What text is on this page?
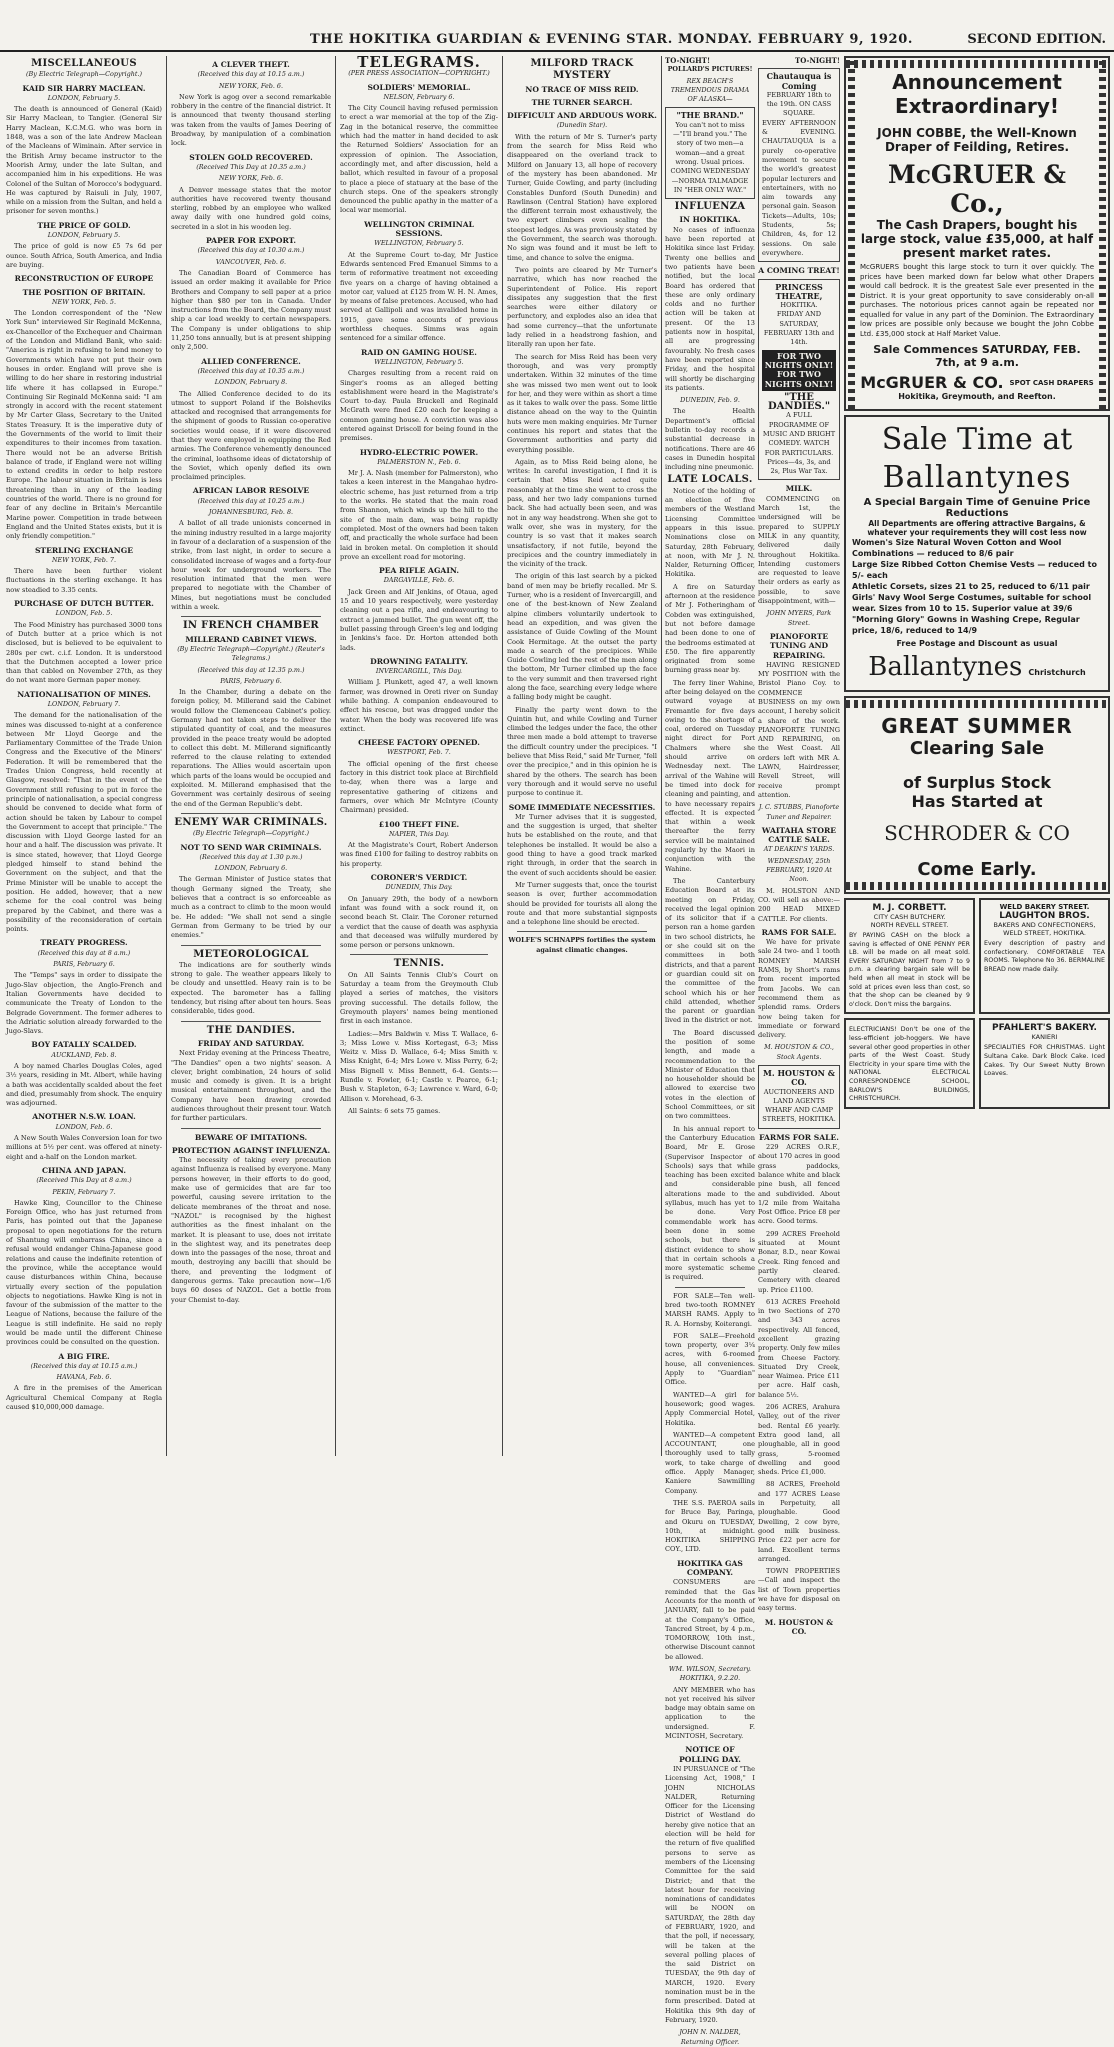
THE HOKITIKA GUARDIAN & EVENING STAR. MONDAY. FEBRUARY 9, 1920.	SECOND EDITION.
MISCELLANEOUS
(By Electric Telegraph—Copyright.)
KAID SIR HARRY MACLEAN.
LONDON, February 5.

The death is announced of General (Kaid) Sir Harry Maclean, to Tangier. (General Sir Harry Maclean, K.C.M.G. who was born in 1848, was a son of the late Andrew Maclean of the Macleans of Wiminain. After service in the British Army became instructor to the Moorish Army, under the late Sultan, and accompanied him in his expeditions. He was Colonel of the Sultan of Morocco's bodyguard. He was captured by Raisuli in July, 1907, while on a mission from the Sultan, and held a prisoner for seven months.)

THE PRICE OF GOLD.
LONDON, February 5.

The price of gold is now £5 7s 6d per ounce. South Africa, South America, and India are buying.

RECONSTRUCTION OF EUROPE
THE POSITION OF BRITAIN.
NEW YORK, Feb. 5.

The London correspondent of the "New York Sun" interviewed Sir Reginald McKenna, ex-Chancellor of the Exchequer and Chairman of the London and Midland Bank, who said: "America is right in refusing to lend money to Governments which have not put their own houses in order. England will prove she is willing to do her share in restoring industrial life where it has collapsed in Europe." Continuing Sir Reginald McKenna said: "I am strongly in accord with the recent statement by Mr Carter Glass, Secretary to the United States Treasury. It is the imperative duty of the Governments of the world to limit their expenditures to their incomes from taxation. There would not be an adverse British balance of trade, if England were not willing to extend credits in order to help restore Europe. The labour situation in Britain is less threatening than in any of the leading countries of the world. There is no ground for fear of any decline in Britain's Mercantile Marine power. Competition in trade between England and the United States exists, but it is only friendly competition."

STERLING EXCHANGE
NEW YORK, Feb. 7.

There have been further violent fluctuations in the sterling exchange. It has now steadied to 3.35 cents.

PURCHASE OF DUTCH BUTTER.
LONDON, Feb. 5.

The Food Ministry has purchased 3000 tons of Dutch butter at a price which is not disclosed, but is believed to be equivalent to 280s per cwt. c.i.f. London. It is understood that the Dutchmen accepted a lower price than that cabled on November 27th, as they do not want more German paper money.

NATIONALISATION OF MINES.
LONDON, February 7.

The demand for the nationalisation of the mines was discussed to-night at a conference between Mr Lloyd George and the Parliamentary Committee of the Trade Union Congress and the Executive of the Miners' Federation. It will be remembered that the Trades Union Congress, held recently at Glasgow, resolved: "That in the event of the Government still refusing to put in force the principle of nationalisation, a special congress should be convened to decide what form of action should be taken by Labour to compel the Government to accept that principle." The discussion with Lloyd George lasted for an hour and a half. The discussion was private. It is since stated, however, that Lloyd George pledged himself to stand behind the Government on the subject, and that the Prime Minister will be unable to accept the position. He added, however, that a new scheme for the coal control was being prepared by the Cabinet, and there was a possibility of the reconsideration of certain points.

TREATY PROGRESS.
(Received this day at 8 a.m.)
PARIS, February 6.

The "Temps" says in order to dissipate the Jugo-Slav objection, the Anglo-French and Italian Governments have decided to communicate the Treaty of London to the Belgrade Government. The former adheres to the Adriatic solution already forwarded to the Jugo-Slavs.

BOY FATALLY SCALDED.
AUCKLAND, Feb. 8.

A boy named Charles Douglas Coles, aged 3½ years, residing in Mt. Albert, while having a bath was accidentally scalded about the feet and died, presumably from shock. The enquiry was adjourned.

ANOTHER N.S.W. LOAN.
LONDON, Feb. 6.

A New South Wales Conversion loan for two millions at 5½ per cent. was offered at ninety-eight and a-half on the London market.

CHINA AND JAPAN.
(Received This Day at 8 a.m.)
PEKIN, February 7.

Hawke King, Councillor to the Chinese Foreign Office, who has just returned from Paris, has pointed out that the Japanese proposal to open negotiations for the return of Shantung will embarrass China, since a refusal would endanger China-Japanese good relations and cause the indefinite retention of the province, while the acceptance would cause disturbances within China, because virtually every section of the population objects to negotiations. Hawke King is not in favour of the submission of the matter to the League of Nations, because the failure of the League is still indefinite. He said no reply would be made until the different Chinese provinces could be consulted on the question.

A BIG FIRE.
(Received this day at 10.15 a.m.)
HAVANA, Feb. 6.

A fire in the premises of the American Agricultural Chemical Company at Regla caused $10,000,000 damage.

A CLEVER THEFT.
(Received this day at 10.15 a.m.)
NEW YORK, Feb. 6.

New York is agog over a second remarkable robbery in the centre of the financial district. It is announced that twenty thousand sterling was taken from the vaults of James Deering of Broadway, by manipulation of a combination lock.

STOLEN GOLD RECOVERED.
(Received This Day at 10.35 a.m.)
NEW YORK, Feb. 6.

A Denver message states that the motor authorities have recovered twenty thousand sterling, robbed by an employee who walked away daily with one hundred gold coins, secreted in a slot in his wooden leg.

PAPER FOR EXPORT.
(Received this day at 10.30 a.m.)
VANCOUVER, Feb. 6.

The Canadian Board of Commerce has issued an order making it available for Price Brothers and Company to sell paper at a price higher than $80 per ton in Canada. Under instructions from the Board, the Company must ship a car load weekly to certain newspapers. The Company is under obligations to ship 11,250 tons annually, but is at present shipping only 2,500.

ALLIED CONFERENCE.
(Received this day at 10.35 a.m.)
LONDON, February 8.

The Allied Conference decided to do its utmost to support Poland if the Bolsheviks attacked and recognised that arrangements for the shipment of goods to Russian co-operative societies would cease, if it were discovered that they were employed in equipping the Red armies. The Conference vehemently denounced the criminal, loathsome ideas of dictatorship of the Soviet, which openly defied its own proclaimed principles.

AFRICAN LABOR RESOLVE
(Received this day at 10.25 a.m.)
JOHANNESBURG, Feb. 8.

A ballot of all trade unionists concerned in the mining industry resulted in a large majority in favour of a declaration of a suspension of the strike, from last night, in order to secure a consolidated increase of wages and a forty-four hour week for underground workers. The resolution intimated that the men were prepared to negotiate with the Chamber of Mines, but negotiations must be concluded within a week.

IN FRENCH CHAMBER
MILLERAND CABINET VIEWS.
(By Electric Telegraph—Copyright.) (Reuter's Telegrams.)
(Received this day at 12.35 p.m.)
PARIS, February 6.

In the Chamber, during a debate on the foreign policy, M. Millerand said the Cabinet would follow the Clemenceau Cabinet's policy. Germany had not taken steps to deliver the stipulated quantity of coal, and the measures provided in the peace treaty would be adopted to collect this debt. M. Millerand significantly referred to the clause relating to extended reparations. The Allies would ascertain upon which parts of the loans would be occupied and exploited. M. Millerand emphasised that the Government was certainly desirous of seeing the end of the German Republic's debt.

ENEMY WAR CRIMINALS.
(By Electric Telegraph—Copyright.)
NOT TO SEND WAR CRIMINALS.
(Received this day at 1.30 p.m.)
LONDON, February 6.

The German Minister of Justice states that though Germany signed the Treaty, she believes that a contract is so enforceable as much as a contract to climb to the moon would be. He added: "We shall not send a single German from Germany to be tried by our enemies."

METEOROLOGICAL

The indications are for southerly winds strong to gale. The weather appears likely to be cloudy and unsettled. Heavy rain is to be expected. The barometer has a falling tendency, but rising after about ten hours. Seas considerable, tides good.

THE DANDIES.
FRIDAY AND SATURDAY.

Next Friday evening at the Princess Theatre, "The Dandies" open a two nights' season. A clever, bright combination, 24 hours of solid music and comedy is given. It is a bright musical entertainment throughout, and the Company have been drawing crowded audiences throughout their present tour. Watch for further particulars.

BEWARE OF IMITATIONS.
PROTECTION AGAINST INFLUENZA.

The necessity of taking every precaution against Influenza is realised by everyone. Many persons however, in their efforts to do good, make use of germicides that are far too powerful, causing severe irritation to the delicate membranes of the throat and nose. "NAZOL" is recognised by the highest authorities as the finest inhalant on the market. It is pleasant to use, does not irritate in the slightest way, and its penetrates deep down into the passages of the nose, throat and mouth, destroying any bacilli that should be there, and preventing the lodgment of dangerous germs. Take precaution now—1/6 buys 60 doses of NAZOL. Get a bottle from your Chemist to-day.

TELEGRAMS.
(PER PRESS ASSOCIATION—COPYRIGHT.)
SOLDIERS' MEMORIAL.
NELSON, February 6.

The City Council having refused permission to erect a war memorial at the top of the Zig-Zag in the botanical reserve, the committee which had the matter in hand decided to ask the Returned Soldiers' Association for an expression of opinion. The Association, accordingly met, and after discussion, held a ballot, which resulted in favour of a proposal to place a piece of statuary at the base of the church steps. One of the speakers strongly denounced the public apathy in the matter of a local war memorial.

WELLINGTON CRIMINAL SESSIONS.
WELLINGTON, February 5.

At the Supreme Court to-day, Mr Justice Edwards sentenced Fred Emanuel Simms to a term of reformative treatment not exceeding five years on a charge of having obtained a motor car, valued at £125 from W. H. N. Ames, by means of false pretences. Accused, who had served at Gallipoli and was invalided home in 1915, gave some accounts of previous worthless cheques. Simms was again sentenced for a similar offence.

RAID ON GAMING HOUSE.
WELLINGTON, February 5.

Charges resulting from a recent raid on Singer's rooms as an alleged betting establishment were heard in the Magistrate's Court to-day. Paula Bruckell and Reginald McGrath were fined £20 each for keeping a common gaming house. A conviction was also entered against Driscoll for being found in the premises.

HYDRO-ELECTRIC POWER.
PALMERSTON N., Feb. 6.

Mr J. A. Nash (member for Palmerston), who takes a keen interest in the Mangahao hydro-electric scheme, has just returned from a trip to the works. He stated that the main road from Shannon, which winds up the hill to the site of the main dam, was being rapidly completed. Most of the owners had been taken off, and practically the whole surface had been laid in broken metal. On completion it should prove an excellent road for motoring.

PEA RIFLE AGAIN.
DARGAVILLE, Feb. 6.

Jack Green and Alf Jenkins, of Otaua, aged 15 and 10 years respectively, were yesterday cleaning out a pea rifle, and endeavouring to extract a jammed bullet. The gun went off, the bullet passing through Green's leg and lodging in Jenkins's face. Dr. Horton attended both lads.

DROWNING FATALITY.
INVERCARGILL, This Day.

William J. Plunkett, aged 47, a well known farmer, was drowned in Oreti river on Sunday while bathing. A companion endeavoured to effect his rescue, but was dragged under the water. When the body was recovered life was extinct.

CHEESE FACTORY OPENED.
WESTPORT, Feb. 7.

The official opening of the first cheese factory in this district took place at Birchfield to-day, when there was a large and representative gathering of citizens and farmers, over which Mr McIntyre (County Chairman) presided.

£100 THEFT FINE.
NAPIER, This Day.

At the Magistrate's Court, Robert Anderson was fined £100 for failing to destroy rabbits on his property.

CORONER'S VERDICT.
DUNEDIN, This Day.

On January 29th, the body of a newborn infant was found with a sock round it, on second beach St. Clair. The Coroner returned a verdict that the cause of death was asphyxia and that deceased was wilfully murdered by some person or persons unknown.

TENNIS.

On All Saints Tennis Club's Court on Saturday a team from the Greymouth Club played a series of matches, the visitors proving successful. The details follow, the Greymouth players' names being mentioned first in each instance.

Ladies:—Mrs Baldwin v. Miss T. Wallace, 6-3; Miss Lowe v. Miss Kortegast, 6-3; Miss Weitz v. Miss D. Wallace, 6-4; Miss Smith v. Miss Knight, 6-4; Mrs Lowe v. Miss Perry, 6-2; Miss Bignell v. Miss Bennett, 6-4. Gents:—Rundle v. Fowler, 6-1; Castle v. Pearce, 6-1; Bush v. Stapleton, 6-3; Lawrence v. Ward, 6-0; Allison v. Morehead, 6-3.

All Saints: 6 sets 75 games.

MILFORD TRACK
MYSTERY
NO TRACE OF MISS REID.
THE TURNER SEARCH.
DIFFICULT AND ARDUOUS WORK.
(Dunedin Star).

With the return of Mr S. Turner's party from the search for Miss Reid who disappeared on the overland track to Milford on January 13, all hope of recovery of the mystery has been abandoned. Mr Turner, Guide Cowling, and party (including Constables Dunford (South Dunedin) and Rawlinson (Central Station) have explored the different terrain most exhaustively, the two expert climbers even scaling the steepest ledges. As was previously stated by the Government, the search was thorough. No sign was found and it must be left to time, and chance to solve the enigma.

Two points are cleared by Mr Turner's narrative, which has now reached the Superintendent of Police. His report dissipates any suggestion that the first searches were either dilatory or perfunctory, and explodes also an idea that had some currency—that the unfortunate lady relied in a headstrong fashion, and literally ran upon her fate.

The search for Miss Reid has been very thorough, and was very promptly undertaken. Within 32 minutes of the time she was missed two men went out to look for her, and they were within as short a time as it takes to walk over the pass. Some little distance ahead on the way to the Quintin huts were men making enquiries. Mr Turner continues his report and states that the Government authorities and party did everything possible.

Again, as to Miss Reid being alone, he writes: In careful investigation, I find it is certain that Miss Reid acted quite reasonably at the time she went to cross the pass, and her two lady companions turned back. She had actually been seen, and was not in any way headstrong. When she got to walk over, she was in mystery, for the country is so vast that it makes search unsatisfactory, if not futile, beyond the precipices and the country immediately in the vicinity of the track.

The origin of this last search by a picked band of men may be briefly recalled. Mr S. Turner, who is a resident of Invercargill, and one of the best-known of New Zealand alpine climbers voluntarily undertook to head an expedition, and was given the assistance of Guide Cowling of the Mount Cook Hermitage. At the outset the party made a search of the precipices. While Guide Cowling led the rest of the men along the bottom, Mr Turner climbed up the face to the very summit and then traversed right along the face, searching every ledge where a falling body might be caught.

Finally the party went down to the Quintin hut, and while Cowling and Turner climbed the ledges under the face, the other three men made a bold attempt to traverse the difficult country under the precipices. "I believe that Miss Reid," said Mr Turner, "fell over the precipice," and in this opinion he is shared by the others. The search has been very thorough and it would serve no useful purpose to continue it.

SOME IMMEDIATE NECESSITIES.

Mr Turner advises that it is suggested, and the suggestion is urged, that shelter huts be established on the route, and that telephones be installed. It would be also a good thing to have a good track marked right through, in order that the search in the event of such accidents should be easier.

Mr Turner suggests that, once the tourist season is over, further accommodation should be provided for tourists all along the route and that more substantial signposts and a telephone line should be erected.

WOLFE'S SCHNAPPS fortifies the system against climatic changes.
TO-NIGHT!
POLLARD'S PICTURES!
REX BEACH'S TREMENDOUS DRAMA OF ALASKA—
"THE BRAND."
You can't not to miss—"I'll brand you." The story of two men—a woman—and a great wrong. Usual prices. COMING WEDNESDAY—NORMA TALMADGE IN "HER ONLY WAY."
INFLUENZA
IN HOKITIKA.

No cases of influenza have been reported at Hokitika since last Friday. Twenty one bellies and two patients have been notified, but the local Board has ordered that these are only ordinary colds and no further action will be taken at present. Of the 13 patients now in hospital, all are progressing favourably. No fresh cases have been reported since Friday, and the hospital will shortly be discharging its patients.

DUNEDIN, Feb. 9.

The Health Department's official bulletin to-day records a substantial decrease in notifications. There are 46 cases in Dunedin hospital including nine pneumonic.

LATE LOCALS.

Notice of the holding of an election of five members of the Westland Licensing Committee appears in this issue. Nominations close on Saturday, 28th February, at noon, with Mr J. N. Nalder, Returning Officer, Hokitika.

A fire on Saturday afternoon at the residence of Mr J. Fotheringham of Cobden was extinguished, but not before damage had been done to one of the bedrooms estimated at £50. The fire apparently originated from some burning grass near by.

The ferry liner Wahine, after being delayed on the outward voyage at Fremantle for five days owing to the shortage of coal, ordered on Tuesday night direct for Port Chalmers where she should arrive on Wednesday next. The arrival of the Wahine will be timed into dock for cleaning and painting, and to have necessary repairs effected. It is expected that within a week thereafter the ferry service will be maintained regularly by the Maori in conjunction with the Wahine.

The Canterbury Education Board at its meeting on Friday, received the legal opinion of its solicitor that if a person ran a home garden in two school districts, he or she could sit on the committees in both districts, and that a parent or guardian could sit on the committee of the school which his or her child attended, whether the parent or guardian lived in the district or not.

The Board discussed the position of some length, and made a recommendation to the Minister of Education that no householder should be allowed to exercise two votes in the election of School Committees, or sit on two committees.

In his annual report to the Canterbury Education Board, Mr E. Grose (Supervisor Inspector of Schools) says that while teaching has been excited and considerable alterations made to the syllabus, much has yet to be done. Very commendable work has been done in some schools, but there is distinct evidence to show that in certain schools a more systematic scheme is required.

FOR SALE—Ten well-bred two-tooth ROMNEY MARSH RAMS. Apply to R. A. Hornsby, Koiterangi.

FOR SALE—Freehold town property, over 3¼ acres, with 6-roomed house, all conveniences. Apply to "Guardian" Office.

WANTED—A girl for housework; good wages. Apply Commercial Hotel, Hokitika.

WANTED—A competent ACCOUNTANT, one thoroughly used to tally work, to take charge of office. Apply Manager, Kaniere Sawmilling Company.

THE S.S. PAEROA sails for Bruce Bay, Paringa, and Okuru on TUESDAY, 10th, at midnight. HOKITIKA SHIPPING COY., LTD.

HOKITIKA GAS COMPANY.

CONSUMERS are reminded that the Gas Accounts for the month of JANUARY, fall to be paid at the Company's Office, Tancred Street, by 4 p.m., TOMORROW, 10th inst., otherwise Discount cannot be allowed.

WM. WILSON, Secretary. HOKITIKA, 9.2.20.

ANY MEMBER who has not yet received his silver badge may obtain same on application to the undersigned. F. MCINTOSH, Secretary.

NOTICE OF POLLING DAY.

IN PURSUANCE of "The Licensing Act, 1908," I JOHN NICHOLAS NALDER, Returning Officer for the Licensing District of Westland do hereby give notice that an election will be held for the return of five qualified persons to serve as members of the Licensing Committee for the said District; and that the latest hour for receiving nominations of candidates will be NOON on SATURDAY, the 28th day of FEBRUARY, 1920, and that the poll, if necessary, will be taken at the several polling places of the said District on TUESDAY, the 9th day of MARCH, 1920. Every nomination must be in the form prescribed. Dated at Hokitika this 9th day of February, 1920.

JOHN N. NALDER, Returning Officer.
TO-NIGHT!
Chautauqua is Coming
FEBRUARY 18th to the 19th. ON CASS SQUARE.
EVERY AFTERNOON & EVENING. CHAUTAUQUA is a purely co-operative movement to secure the world's greatest popular lecturers and entertainers, with no aim towards any personal gain. Season Tickets—Adults, 10s; Students, 5s; Children, 4s, for 12 sessions. On sale everywhere.
A COMING TREAT!
PRINCESS THEATRE,
HOKITIKA.
FRIDAY AND SATURDAY, FEBRUARY 13th and 14th.
FOR TWO NIGHTS ONLY! FOR TWO NIGHTS ONLY!
"THE DANDIES."
A FULL PROGRAMME OF MUSIC AND BRIGHT COMEDY. WATCH FOR PARTICULARS. Prices—4s, 3s, and 2s, Plus War Tax.
MILK.

COMMENCING on March 1st, the undersigned will be prepared to SUPPLY MILK in any quantity, delivered daily throughout Hokitika. Intending customers are requested to leave their orders as early as possible, to save disappointment, with—

JOHN MYERS, Park Street.
PIANOFORTE TUNING AND REPAIRING.

HAVING RESIGNED MY POSITION with the Bristol Piano Coy. to COMMENCE BUSINESS on my own account, I hereby solicit a share of the work. PIANOFORTE TUNING AND REPAIRING, on the West Coast. All orders left with MR A. LAWN, Hairdresser, Revell Street, will receive prompt attention.

J. C. STUBBS, Pianoforte Tuner and Repairer.
WAITAHA STORE CATTLE SALE.
AT DEAKIN'S YARDS.
WEDNESDAY, 25th FEBRUARY, 1920 At Noon.

M. HOLSTON AND CO. will sell as above:—200 HEAD MIXED CATTLE. For clients.

RAMS FOR SALE.

We have for private sale 24 two- and 1 tooth ROMNEY MARSH RAMS, by Short's rams from recent imported from Jacobs. We can recommend them as splendid rams. Orders now being taken for immediate or forward delivery.

M. HOUSTON & CO., Stock Agents.
M. HOUSTON & CO.
AUCTIONEERS AND LAND AGENTS
WHARF AND CAMP STREETS, HOKITIKA.
FARMS FOR SALE.

229 ACRES O.R.F., about 170 acres in good grass paddocks, balance white and black pine bush, all fenced and subdivided. About 1/2 mile from Waitaha Post Office. Price £8 per acre. Good terms.

299 ACRES Freehold situated at Mount Bonar, 8.D., near Kowai Creek. Ring fenced and partly cleared. Cemetery with cleared up. Price £1100.

613 ACRES Freehold in two Sections of 270 and 343 acres respectively. All fenced, excellent grazing property. Only few miles from Cheese Factory. Situated Dry Creek, near Waimea. Price £11 per acre. Half cash, balance 5½.

206 ACRES, Arahura Valley, out of the river bed. Rental £6 yearly. Extra good land, all ploughable, all in good grass, 5-roomed dwelling and good sheds. Price £1,000.

88 ACRES, Freehold and 177 ACRES Lease in Perpetuity, all ploughable. Good Dwelling, 2 cow byre, good milk business. Price £22 per acre for land. Excellent terms arranged.

TOWN PROPERTIES—Call and inspect the list of Town properties we have for disposal on easy terms.

M. HOUSTON & CO.
Announcement
Extraordinary!
JOHN COBBE, the Well-Known Draper of Feilding, Retires.
McGRUER & Co.,
The Cash Drapers, bought his large stock, value £35,000, at half present market rates.
McGRUERS bought this large stock to turn it over quickly. The prices have been marked down far below what other Drapers would call bedrock. It is the greatest Sale ever presented in the District. It is your great opportunity to save considerably on-all purchases. The notorious prices cannot again be repeated nor equalled for value in any part of the Dominion. The Extraordinary low prices are possible only because we bought the John Cobbe Ltd. £35,000 stock at Half Market Value.
Sale Commences SATURDAY, FEB. 7th, at 9 a.m.
McGRUER & CO. SPOT CASH DRAPERS
Hokitika, Greymouth, and Reefton.
Sale Time at
Ballantynes
A Special Bargain Time of Genuine Price Reductions
All Departments are offering attractive Bargains, & whatever your requirements they will cost less now
Women's Size Natural Woven Cotton and Wool Combinations — reduced to 8/6 pair
Large Size Ribbed Cotton Chemise Vests — reduced to 5/- each
Athletic Corsets, sizes 21 to 25, reduced to 6/11 pair
Girls' Navy Wool Serge Costumes, suitable for school wear. Sizes from 10 to 15. Superior value at 39/6
"Morning Glory" Gowns in Washing Crepe, Regular price, 18/6, reduced to 14/9
Free Postage and Discount as usual
Ballantynes Christchurch
GREAT SUMMER
Clearing Sale
of Surplus Stock
Has Started at
SCHRODER & CO
Come Early.
M. J. CORBETT.
CITY CASH BUTCHERY.
NORTH REVELL STREET.
BY PAYING CASH on the block a saving is effected of ONE PENNY PER LB. will be made on all meat sold. EVERY SATURDAY NIGHT from 7 to 9 p.m. a clearing bargain sale will be held when all meat in stock will be sold at prices even less than cost, so that the shop can be cleaned by 9 o'clock. Don't miss the bargains.
WELD BAKERY STREET.
LAUGHTON BROS.
BAKERS AND CONFECTIONERS, WELD STREET, HOKITIKA.
Every description of pastry and confectionery. COMFORTABLE TEA ROOMS. Telephone No 36. BERMALINE BREAD now made daily.
ELECTRICIANS! Don't be one of the less-efficient job-hoggers. We have several other good properties in other parts of the West Coast. Study Electricity in your spare time with the NATIONAL ELECTRICAL CORRESPONDENCE SCHOOL, BARLOW'S BUILDINGS, CHRISTCHURCH.
PFAHLERT'S BAKERY.
KANIERI
SPECIALITIES FOR CHRISTMAS. Light Sultana Cake. Dark Block Cake. Iced Cakes. Try Our Sweet Nutty Brown Loaves.
